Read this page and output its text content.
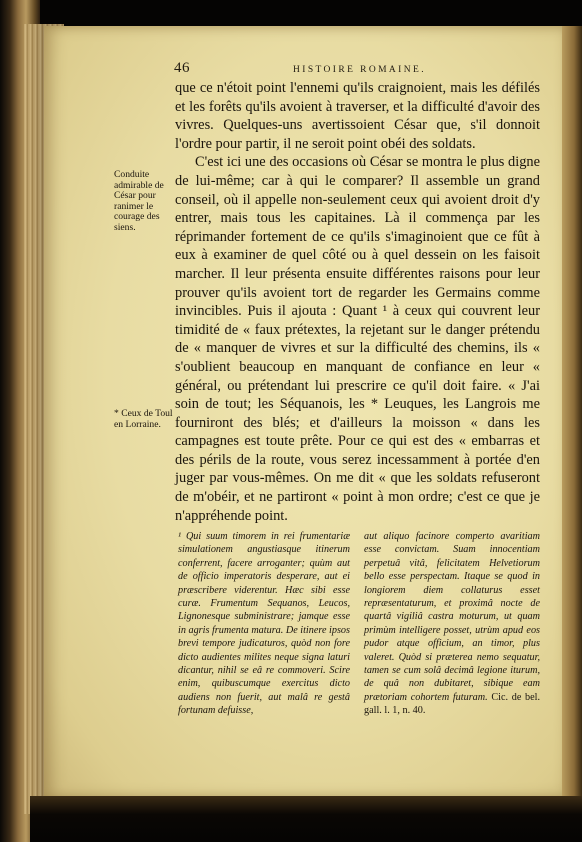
46	HISTOIRE ROMAINE.
Conduite admirable de César pour ranimer le courage des siens.
* Ceux de Toul en Lorraine.

que ce n'étoit point l'ennemi qu'ils craignoient, mais les défilés et les forêts qu'ils avoient à traverser, et la difficulté d'avoir des vivres. Quelques-uns avertissoient César que, s'il donnoit l'ordre pour partir, il ne seroit point obéi des soldats.

C'est ici une des occasions où César se montra le plus digne de lui-même; car à qui le comparer? Il assemble un grand conseil, où il appelle non-seulement ceux qui avoient droit d'y entrer, mais tous les capitaines. Là il commença par les réprimander fortement de ce qu'ils s'imaginoient que ce fût à eux à examiner de quel côté ou à quel dessein on les faisoit marcher. Il leur présenta ensuite différentes raisons pour leur prouver qu'ils avoient tort de regarder les Germains comme invincibles. Puis il ajouta : Quant ¹ à ceux qui couvrent leur timidité de « faux prétextes, la rejetant sur le danger prétendu de « manquer de vivres et sur la difficulté des chemins, ils « s'oublient beaucoup en manquant de confiance en leur « général, ou prétendant lui prescrire ce qu'il doit faire. « J'ai soin de tout; les Séquanois, les * Leuques, les Langrois me fourniront des blés; et d'ailleurs la moisson « dans les campagnes est toute prête. Pour ce qui est des « embarras et des périls de la route, vous serez incessamment à portée d'en juger par vous-mêmes. On me dit « que les soldats refuseront de m'obéir, et ne partiront « point à mon ordre; c'est ce que je n'appréhende point.

¹ Qui suum timorem in rei frumentariæ simulationem angustiasque itinerum conferrent, facere arroganter; quùm aut de officio imperatoris desperare, aut ei præscribere viderentur. Hæc sibi esse curæ. Frumentum Sequanos, Leucos, Lignonesque subministrare; jamque esse in agris frumenta matura. De itinere ipsos brevi tempore judicaturos, quòd non fore dicto audientes milites neque signa laturi dicantur, nihil se eâ re commoveri. Scire enim, quibuscumque exercitus dicto audiens non fuerit, aut malâ re gestâ fortunam defuisse,
aut aliquo facinore comperto avaritiam esse convictam. Suam innocentiam perpetuâ vitâ, felicitatem Helvetiorum bello esse perspectam. Itaque se quod in longiorem diem collaturus esset repræsentaturum, et proximâ nocte de quartâ vigiliâ castra moturum, ut quam primùm intelligere posset, utrùm apud eos pudor atque officium, an timor, plus valeret. Quòd si præterea nemo sequatur, tamen se cum solâ decimâ legione iturum, de quâ non dubitaret, sibique eam prætoriam cohortem futuram. Cic. de bel. gall. l. 1, n. 40.
